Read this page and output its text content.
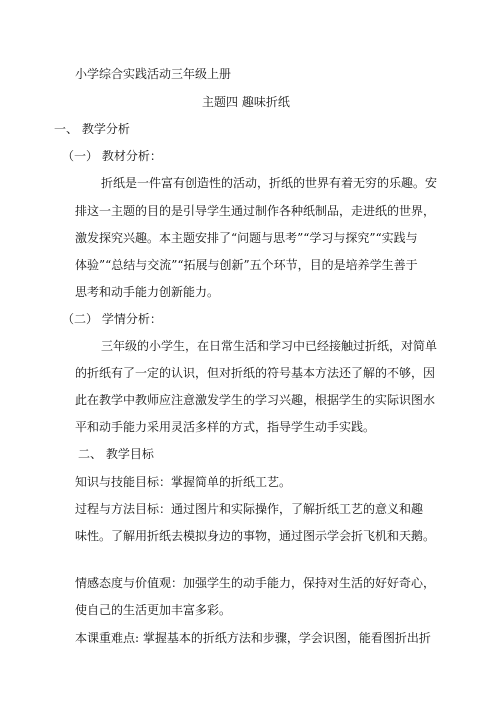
小学综合实践活动三年级上册
主题四 趣味折纸
一、 教学分析
（一） 教材分析：
折纸是一件富有创造性的活动，折纸的世界有着无穷的乐趣。安
排这一主题的目的是引导学生通过制作各种纸制品，走进纸的世界，
激发探究兴趣。本主题安排了“问题与思考”“学习与探究”“实践与
体验”“总结与交流”“拓展与创新”五个环节，目的是培养学生善于
思考和动手能力创新能力。
（二） 学情分析：
三年级的小学生，在日常生活和学习中已经接触过折纸，对简单
的折纸有了一定的认识，但对折纸的符号基本方法还了解的不够，因
此在教学中教师应注意激发学生的学习兴趣，根据学生的实际识图水
平和动手能力采用灵活多样的方式，指导学生动手实践。
二、 教学目标
知识与技能目标：掌握简单的折纸工艺。
过程与方法目标：通过图片和实际操作，了解折纸工艺的意义和趣
味性。了解用折纸去模拟身边的事物，通过图示学会折飞机和天鹅。
情感态度与价值观：加强学生的动手能力，保持对生活的好好奇心，
使自己的生活更加丰富多彩。
本课重难点: 掌握基本的折纸方法和步骤，学会识图，能看图折出折
